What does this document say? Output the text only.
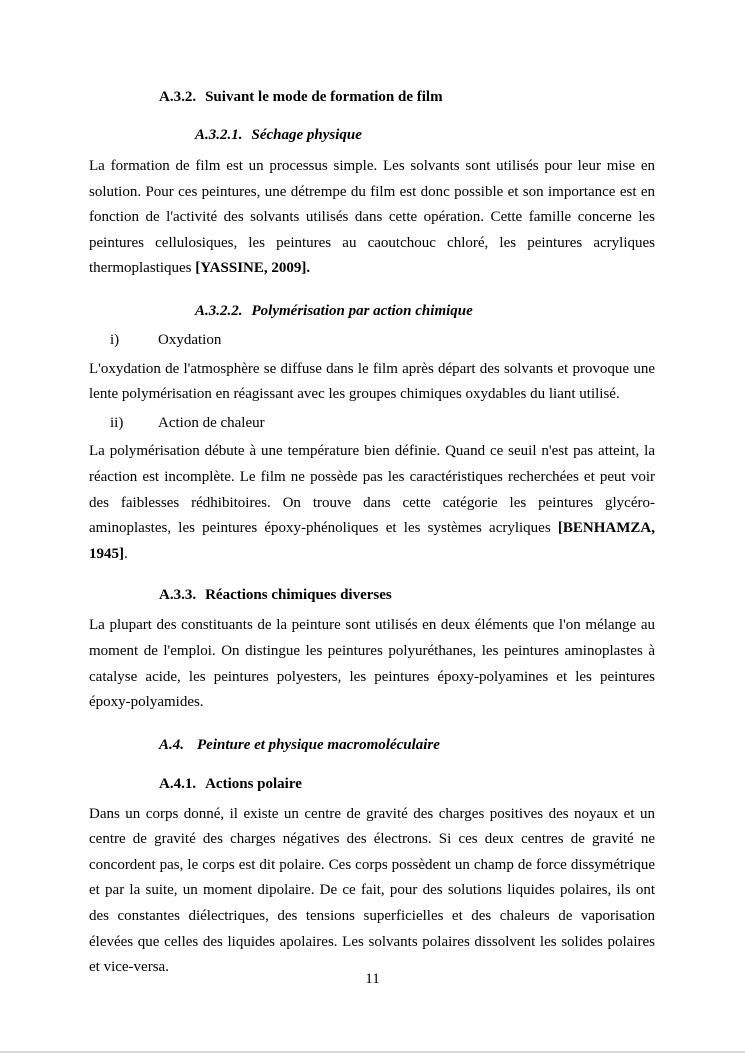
A.3.2. Suivant le mode de formation de film
A.3.2.1. Séchage physique

La formation de film est un processus simple. Les solvants sont utilisés pour leur mise en solution. Pour ces peintures, une détrempe du film est donc possible et son importance est en fonction de l'activité des solvants utilisés dans cette opération. Cette famille concerne les peintures cellulosiques, les peintures au caoutchouc chloré, les peintures acryliques thermoplastiques [YASSINE, 2009].

A.3.2.2. Polymérisation par action chimique
i)	Oxydation

L'oxydation de l'atmosphère se diffuse dans le film après départ des solvants et provoque une lente polymérisation en réagissant avec les groupes chimiques oxydables du liant utilisé.

ii) Action de chaleur

La polymérisation débute à une température bien définie. Quand ce seuil n'est pas atteint, la réaction est incomplète. Le film ne possède pas les caractéristiques recherchées et peut voir des faiblesses rédhibitoires. On trouve dans cette catégorie les peintures glycéro-aminoplastes, les peintures époxy-phénoliques et les systèmes acryliques [BENHAMZA, 1945].

A.3.3. Réactions chimiques diverses

La plupart des constituants de la peinture sont utilisés en deux éléments que l'on mélange au moment de l'emploi. On distingue les peintures polyuréthanes, les peintures aminoplastes à catalyse acide, les peintures polyesters, les peintures époxy-polyamines et les peintures époxy-polyamides.

A.4. Peinture et physique macromoléculaire
A.4.1. Actions polaire

Dans un corps donné, il existe un centre de gravité des charges positives des noyaux et un centre de gravité des charges négatives des électrons. Si ces deux centres de gravité ne concordent pas, le corps est dit polaire. Ces corps possèdent un champ de force dissymétrique et par la suite, un moment dipolaire. De ce fait, pour des solutions liquides polaires, ils ont des constantes diélectriques, des tensions superficielles et des chaleurs de vaporisation élevées que celles des liquides apolaires. Les solvants polaires dissolvent les solides polaires et vice-versa.

11
